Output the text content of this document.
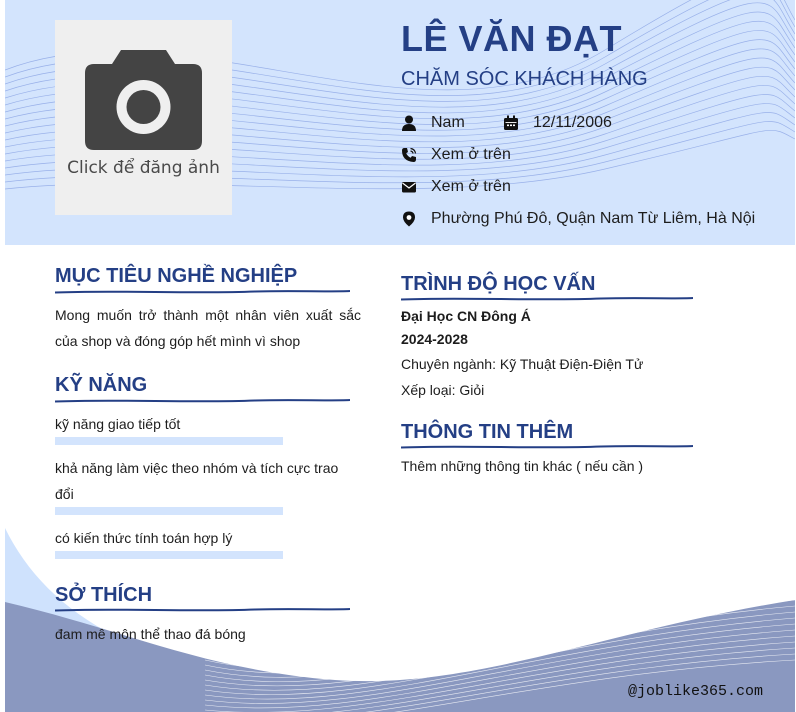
Click để đăng ảnh
LÊ VĂN ĐẠT
CHĂM SÓC KHÁCH HÀNG
Nam	12/11/2006
Xem ở trên
Xem ở trên
Phường Phú Đô, Quận Nam Từ Liêm, Hà Nội
MỤC TIÊU NGHỀ NGHIỆP
Mong muốn trở thành một nhân viên xuất sắc của shop và đóng góp hết mình vì shop
KỸ NĂNG
kỹ năng giao tiếp tốt
khả năng làm việc theo nhóm và tích cực trao đổi
có kiến thức tính toán hợp lý
SỞ THÍCH
đam mê môn thể thao đá bóng
TRÌNH ĐỘ HỌC VẤN
Đại Học CN Đông Á
2024-2028
Chuyên ngành: Kỹ Thuật Điện-Điện Tử
Xếp loại: Giỏi
THÔNG TIN THÊM
Thêm những thông tin khác ( nếu cần )
@joblike365.com
